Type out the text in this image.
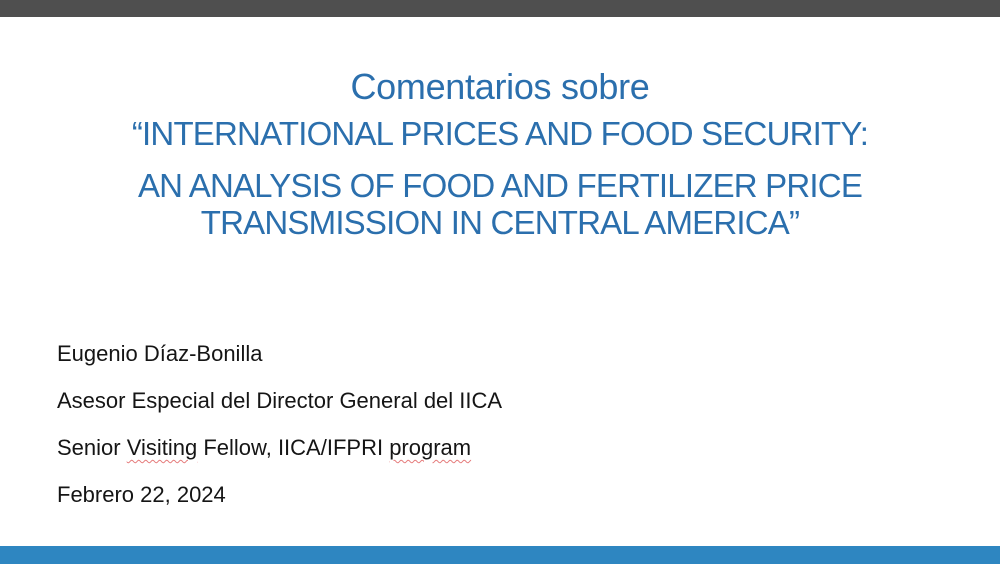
Comentarios sobre
“INTERNATIONAL PRICES AND FOOD SECURITY:
AN ANALYSIS OF FOOD AND FERTILIZER PRICE
TRANSMISSION IN CENTRAL AMERICA”

Eugenio Díaz-Bonilla

Asesor Especial del Director General del IICA

Senior Visiting Fellow, IICA/IFPRI program

Febrero 22, 2024
